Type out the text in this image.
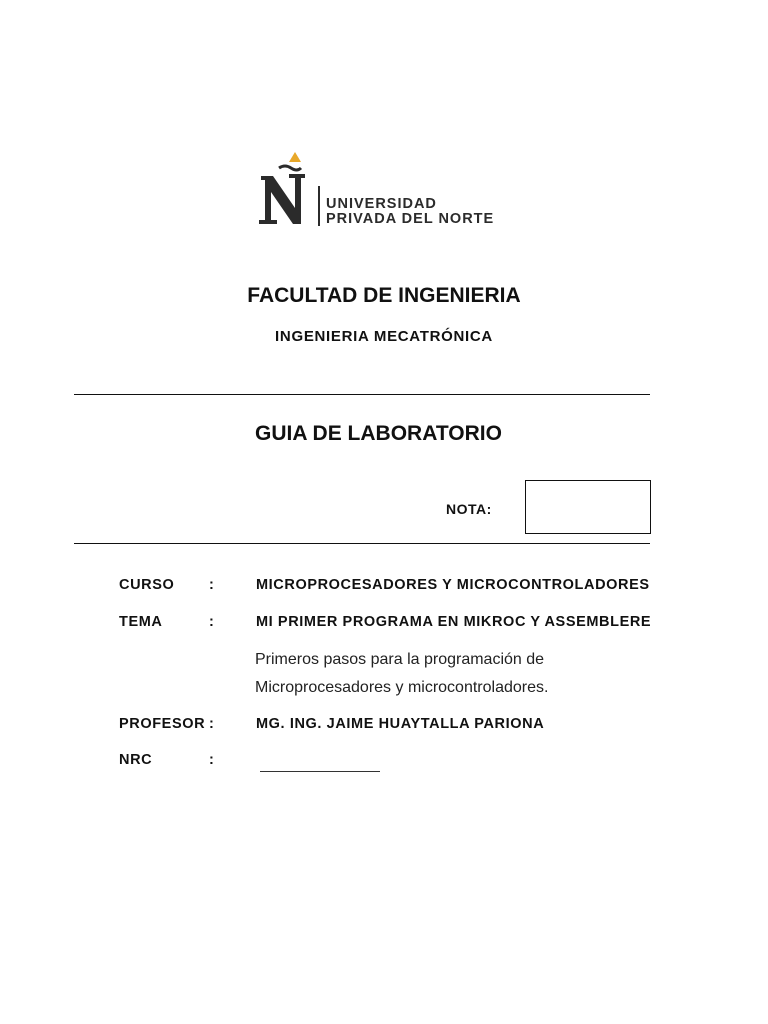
UNIVERSIDAD
PRIVADA DEL NORTE
FACULTAD DE INGENIERIA
INGENIERIA MECATRÓNICA
GUIA DE LABORATORIO
NOTA:
CURSO :	MICROPROCESADORES Y MICROCONTROLADORES
TEMA	:	MI PRIMER PROGRAMA EN MIKROC Y ASSEMBLERE
Primeros pasos para la programación de
Microprocesadores y microcontroladores.
PROFESOR :	MG. ING. JAIME HUAYTALLA PARIONA
NRC	:
